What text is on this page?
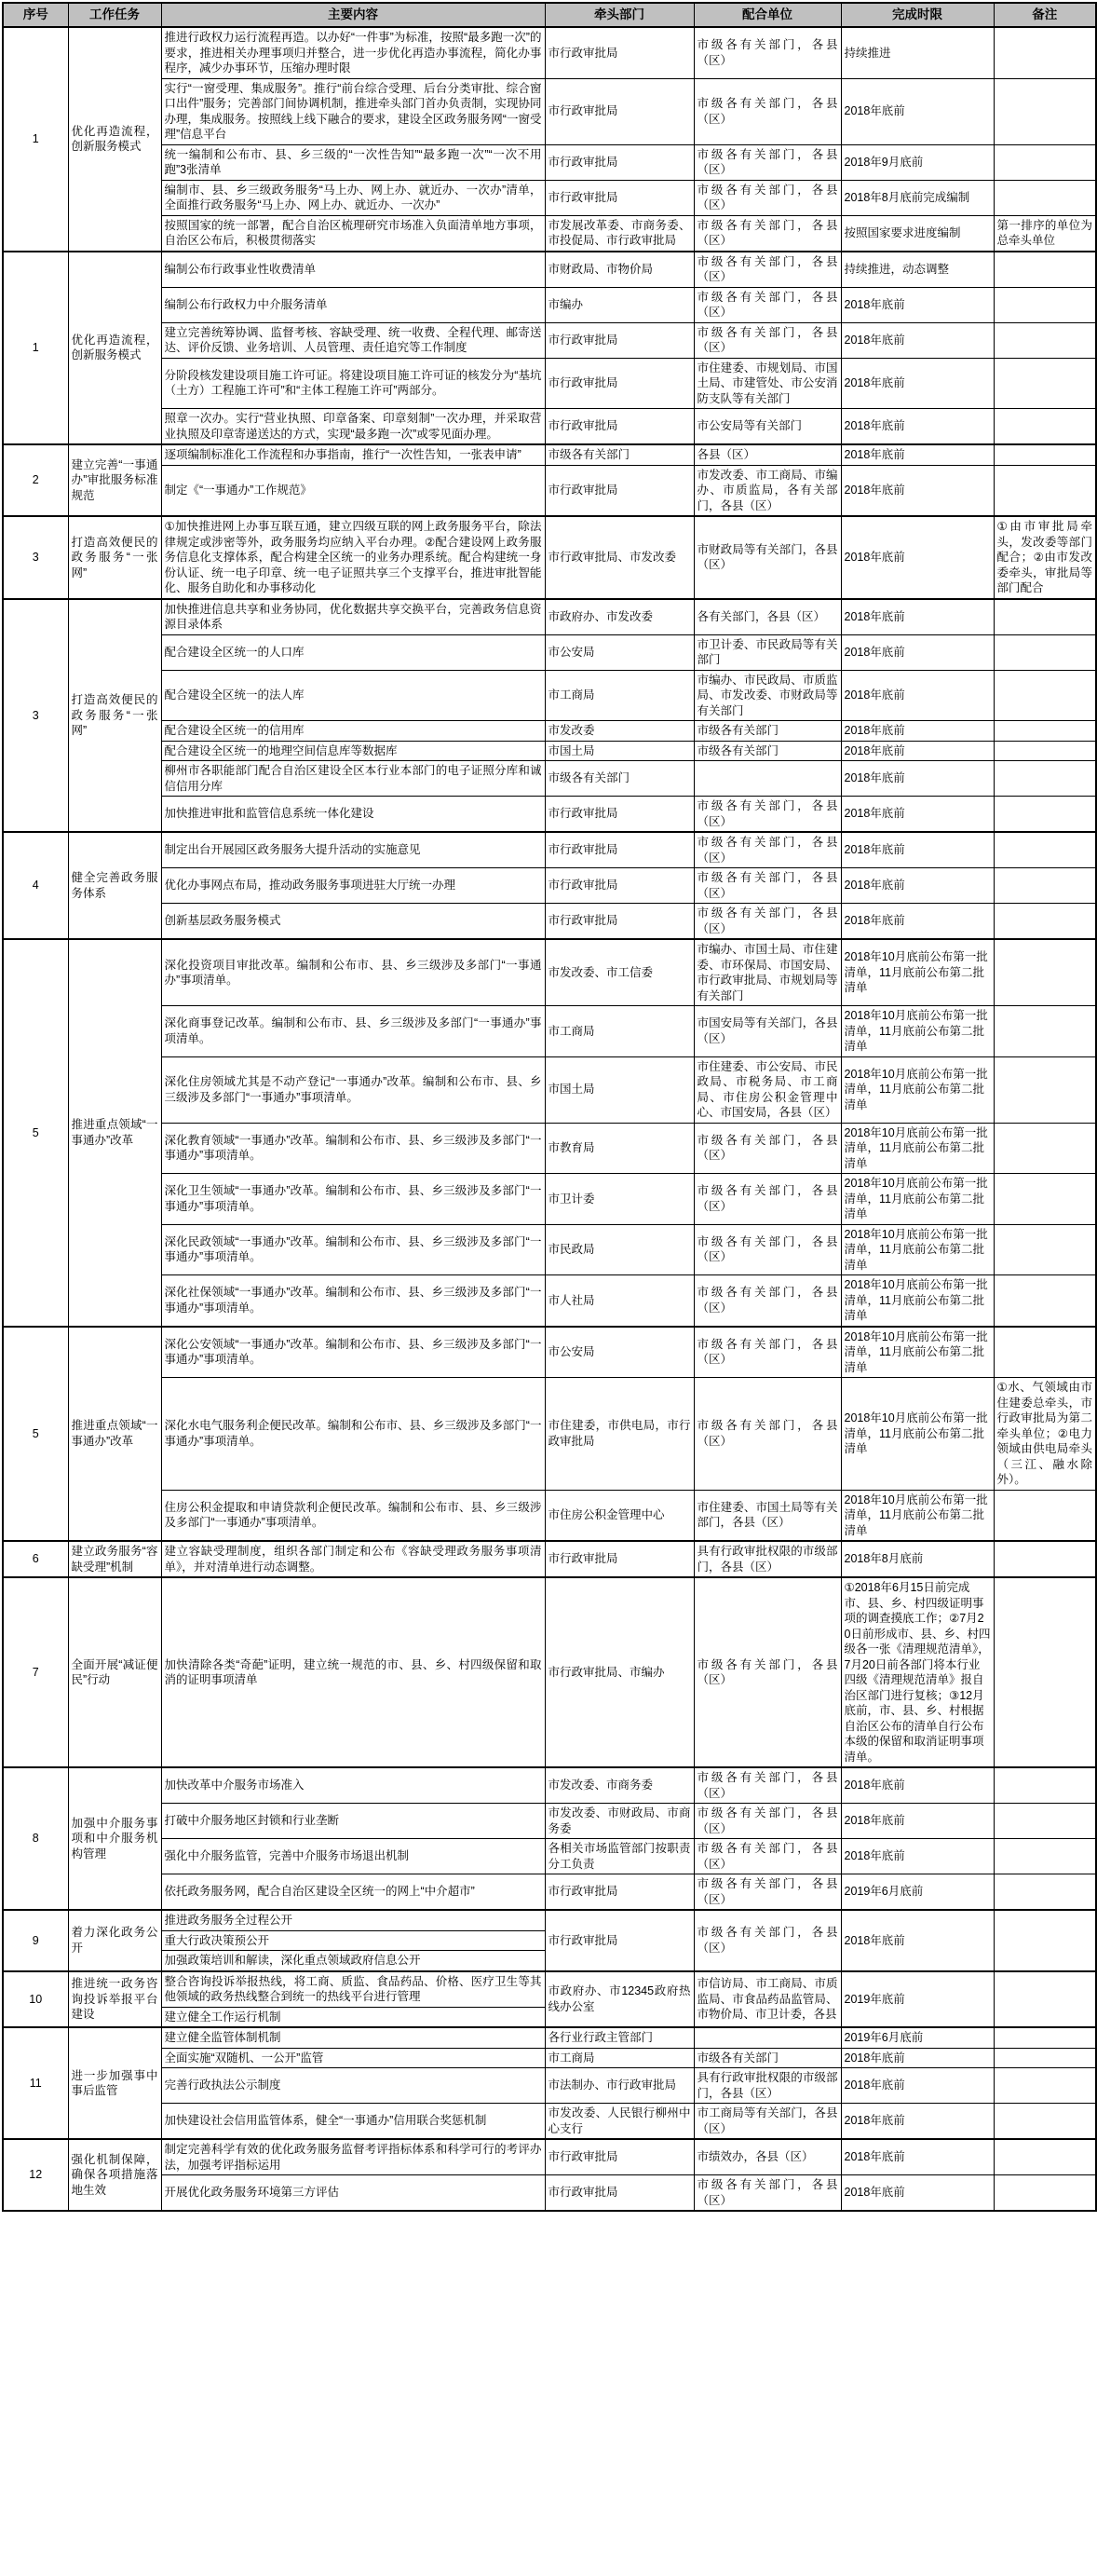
序号	工作任务	主要内容	牵头部门	配合单位	完成时限	备注
1	优化再造流程，创新服务模式	推进行政权力运行流程再造。以办好“一件事”为标准，按照“最多跑一次”的要求，推进相关办理事项归并整合，进一步优化再造办事流程，简化办事程序，减少办事环节，压缩办理时限	市行政审批局	市级各有关部门，各县（区）	持续推进	
		实行“一窗受理、集成服务”。推行“前台综合受理、后台分类审批、综合窗口出件”服务；完善部门间协调机制，推进牵头部门首办负责制，实现协同办理，集成服务。按照线上线下融合的要求，建设全区政务服务网“一窗受理”信息平台	市行政审批局	市级各有关部门，各县（区）	2018年底前	
		统一编制和公布市、县、乡三级的“一次性告知”“最多跑一次”“一次不用跑”3张清单	市行政审批局	市级各有关部门，各县（区）	2018年9月底前	
		编制市、县、乡三级政务服务“马上办、网上办、就近办、一次办”清单，全面推行政务服务“马上办、网上办、就近办、一次办”	市行政审批局	市级各有关部门，各县（区）	2018年8月底前完成编制	
		按照国家的统一部署，配合自治区梳理研究市场准入负面清单地方事项，自治区公布后，积极贯彻落实	市发展改革委、市商务委、市投促局、市行政审批局	市级各有关部门，各县（区）	按照国家要求进度编制	第一排序的单位为总牵头单位
1	优化再造流程，创新服务模式	编制公布行政事业性收费清单	市财政局、市物价局	市级各有关部门，各县（区）	持续推进，动态调整	
		编制公布行政权力中介服务清单	市编办	市级各有关部门，各县（区）	2018年底前	
		建立完善统筹协调、监督考核、容缺受理、统一收费、全程代理、邮寄送达、评价反馈、业务培训、人员管理、责任追究等工作制度	市行政审批局	市级各有关部门，各县（区）	2018年底前	
		分阶段核发建设项目施工许可证。将建设项目施工许可证的核发分为“基坑（土方）工程施工许可”和“主体工程施工许可”两部分。	市行政审批局	市住建委、市规划局、市国土局、市建管处、市公安消防支队等有关部门	2018年底前	
		照章一次办。实行“营业执照、印章备案、印章刻制”一次办理，并采取营业执照及印章寄递送达的方式，实现“最多跑一次”或零见面办理。	市行政审批局	市公安局等有关部门	2018年底前	
2	建立完善“一事通办”审批服务标准规范	逐项编制标准化工作流程和办事指南，推行“一次性告知，一张表申请”	市级各有关部门	各县（区）	2018年底前	
		制定《“一事通办”工作规范》	市行政审批局	市发改委、市工商局、市编办、市质监局，各有关部门，各县（区）	2018年底前	
3	打造高效便民的政务服务“一张网”	①加快推进网上办事互联互通，建立四级互联的网上政务服务平台，除法律规定或涉密等外，政务服务均应纳入平台办理。②配合建设网上政务服务信息化支撑体系，配合构建全区统一的业务办理系统。配合构建统一身份认证、统一电子印章、统一电子证照共享三个支撑平台，推进审批智能化、服务自助化和办事移动化	市行政审批局、市发改委	市财政局等有关部门，各县（区）	2018年底前	①由市审批局牵头，发改委等部门配合；②由市发改委牵头，审批局等部门配合
3	打造高效便民的政务服务“一张网”	加快推进信息共享和业务协同，优化数据共享交换平台，完善政务信息资源目录体系	市政府办、市发改委	各有关部门，各县（区）	2018年底前	
		配合建设全区统一的人口库	市公安局	市卫计委、市民政局等有关部门	2018年底前	
		配合建设全区统一的法人库	市工商局	市编办、市民政局、市质监局、市发改委、市财政局等有关部门	2018年底前	
		配合建设全区统一的信用库	市发改委	市级各有关部门	2018年底前	
		配合建设全区统一的地理空间信息库等数据库	市国土局	市级各有关部门	2018年底前	
		柳州市各职能部门配合自治区建设全区本行业本部门的电子证照分库和诚信信用分库	市级各有关部门		2018年底前	
		加快推进审批和监管信息系统一体化建设	市行政审批局	市级各有关部门，各县（区）	2018年底前	
4	健全完善政务服务体系	制定出台开展园区政务服务大提升活动的实施意见	市行政审批局	市级各有关部门，各县（区）	2018年底前	
		优化办事网点布局，推动政务服务事项进驻大厅统一办理	市行政审批局	市级各有关部门，各县（区）	2018年底前	
		创新基层政务服务模式	市行政审批局	市级各有关部门，各县（区）	2018年底前	
5	推进重点领域“一事通办”改革	深化投资项目审批改革。编制和公布市、县、乡三级涉及多部门“一事通办”事项清单。	市发改委、市工信委	市编办、市国土局、市住建委、市环保局、市国安局、市行政审批局、市规划局等有关部门	2018年10月底前公布第一批清单，11月底前公布第二批清单	
		深化商事登记改革。编制和公布市、县、乡三级涉及多部门“一事通办”事项清单。	市工商局	市国安局等有关部门，各县（区）	2018年10月底前公布第一批清单，11月底前公布第二批清单	
		深化住房领域尤其是不动产登记“一事通办”改革。编制和公布市、县、乡三级涉及多部门“一事通办”事项清单。	市国土局	市住建委、市公安局、市民政局、市税务局、市工商局、市住房公积金管理中心、市国安局，各县（区）	2018年10月底前公布第一批清单，11月底前公布第二批清单	
		深化教育领域“一事通办”改革。编制和公布市、县、乡三级涉及多部门“一事通办”事项清单。	市教育局	市级各有关部门，各县（区）	2018年10月底前公布第一批清单，11月底前公布第二批清单	
		深化卫生领域“一事通办”改革。编制和公布市、县、乡三级涉及多部门“一事通办”事项清单。	市卫计委	市级各有关部门，各县（区）	2018年10月底前公布第一批清单，11月底前公布第二批清单	
		深化民政领域“一事通办”改革。编制和公布市、县、乡三级涉及多部门“一事通办”事项清单。	市民政局	市级各有关部门，各县（区）	2018年10月底前公布第一批清单，11月底前公布第二批清单	
		深化社保领域“一事通办”改革。编制和公布市、县、乡三级涉及多部门“一事通办”事项清单。	市人社局	市级各有关部门，各县（区）	2018年10月底前公布第一批清单，11月底前公布第二批清单	
5	推进重点领域“一事通办”改革	深化公安领域“一事通办”改革。编制和公布市、县、乡三级涉及多部门“一事通办”事项清单。	市公安局	市级各有关部门，各县（区）	2018年10月底前公布第一批清单，11月底前公布第二批清单	
		深化水电气服务利企便民改革。编制和公布市、县、乡三级涉及多部门“一事通办”事项清单。	市住建委，市供电局，市行政审批局	市级各有关部门，各县（区）	2018年10月底前公布第一批清单，11月底前公布第二批清单	①水、气领域由市住建委总牵头，市行政审批局为第二牵头单位；②电力领域由供电局牵头（三江、融水除外）。
		住房公积金提取和申请贷款利企便民改革。编制和公布市、县、乡三级涉及多部门“一事通办”事项清单。	市住房公积金管理中心	市住建委、市国土局等有关部门，各县（区）	2018年10月底前公布第一批清单，11月底前公布第二批清单	
6	建立政务服务“容缺受理”机制	建立容缺受理制度，组织各部门制定和公布《容缺受理政务服务事项清单》，并对清单进行动态调整。	市行政审批局	具有行政审批权限的市级部门，各县（区）	2018年8月底前	
7	全面开展“减证便民”行动	加快清除各类“奇葩”证明，建立统一规范的市、县、乡、村四级保留和取消的证明事项清单	市行政审批局、市编办	市级各有关部门，各县（区）	①2018年6月15日前完成市、县、乡、村四级证明事项的调查摸底工作；②7月20日前形成市、县、乡、村四级各一张《清理规范清单》，7月20日前各部门将本行业四级《清理规范清单》报自治区部门进行复核；③12月底前，市、县、乡、村根据自治区公布的清单自行公布本级的保留和取消证明事项清单。	
8	加强中介服务事项和中介服务机构管理	加快改革中介服务市场准入	市发改委、市商务委	市级各有关部门，各县（区）	2018年底前	
		打破中介服务地区封锁和行业垄断	市发改委、市财政局、市商务委	市级各有关部门，各县（区）	2018年底前	
		强化中介服务监管，完善中介服务市场退出机制	各相关市场监管部门按职责分工负责	市级各有关部门，各县（区）	2018年底前	
		依托政务服务网，配合自治区建设全区统一的网上“中介超市”	市行政审批局	市级各有关部门，各县（区）	2019年6月底前	
9	着力深化政务公开	推进政务服务全过程公开	市行政审批局	市级各有关部门，各县（区）	2018年底前	
		重大行政决策预公开				
		加强政策培训和解读，深化重点领域政府信息公开				
10	推进统一政务咨询投诉举报平台建设	整合咨询投诉举报热线，将工商、质监、食品药品、价格、医疗卫生等其他领域的政务热线整合到统一的热线平台进行管理	市政府办、市12345政府热线办公室	市信访局、市工商局、市质监局、市食品药品监管局、市物价局、市卫计委，各县	2019年底前	
		建立健全工作运行机制				
11	进一步加强事中事后监管	建立健全监管体制机制	各行业行政主管部门		2019年6月底前	
		全面实施“双随机、一公开”监管	市工商局	市级各有关部门	2018年底前	
		完善行政执法公示制度	市法制办、市行政审批局	具有行政审批权限的市级部门，各县（区）	2018年底前	
		加快建设社会信用监管体系，健全“一事通办”信用联合奖惩机制	市发改委、人民银行柳州中心支行	市工商局等有关部门，各县（区）	2018年底前	
12	强化机制保障，确保各项措施落地生效	制定完善科学有效的优化政务服务监督考评指标体系和科学可行的考评办法，加强考评指标运用	市行政审批局	市绩效办，各县（区）	2018年底前	
		开展优化政务服务环境第三方评估	市行政审批局	市级各有关部门，各县（区）	2018年底前	
